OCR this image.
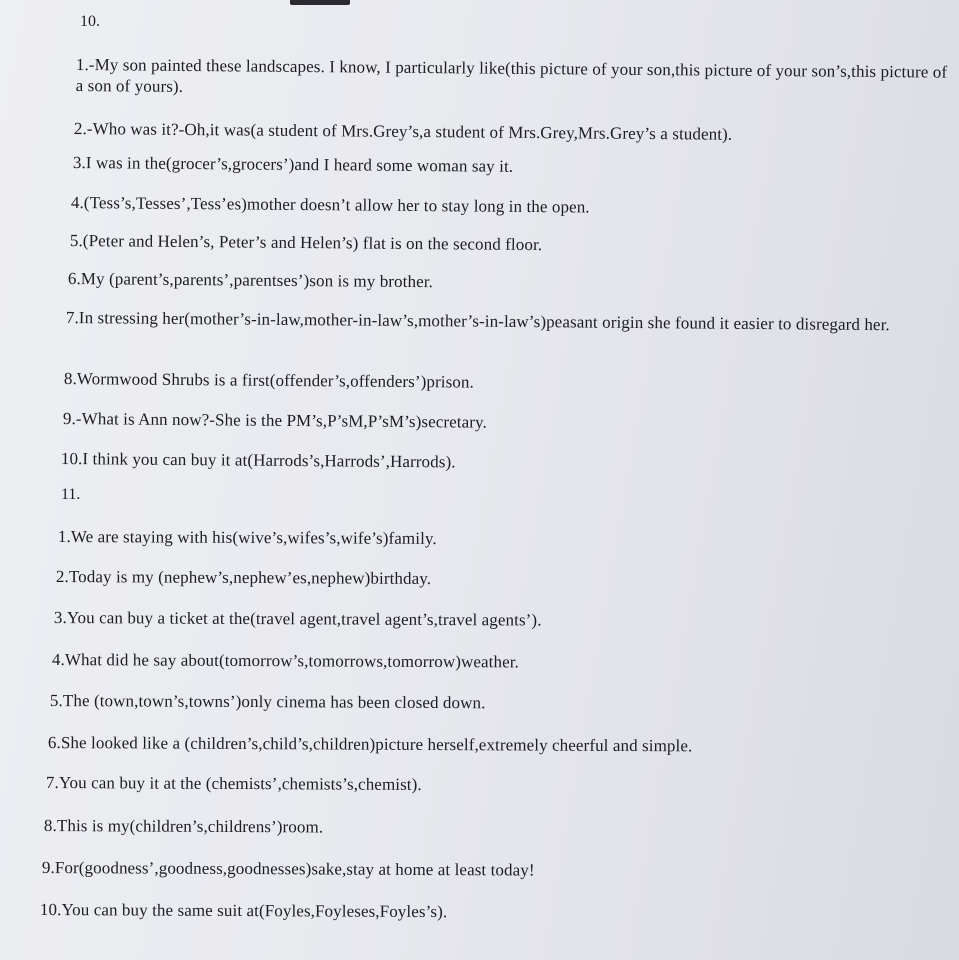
10.
1.-My son painted these landscapes. I know, I particularly like(this picture of your son,this picture of your son’s,this picture of a son of yours).
2.-Who was it?-Oh,it was(a student of Mrs.Grey’s,a student of Mrs.Grey,Mrs.Grey’s a student).
3.I was in the(grocer’s,grocers’)and I heard some woman say it.
4.(Tess’s,Tesses’,Tess’es)mother doesn’t allow her to stay long in the open.
5.(Peter and Helen’s, Peter’s and Helen’s) flat is on the second floor.
6.My (parent’s,parents’,parentses’)son is my brother.
7.In stressing her(mother’s-in-law,mother-in-law’s,mother’s-in-law’s)peasant origin she found it easier to disregard her.
8.Wormwood Shrubs is a first(offender’s,offenders’)prison.
9.-What is Ann now?-She is the PM’s,P’sM,P’sM’s)secretary.
10.I think you can buy it at(Harrods’s,Harrods’,Harrods).
11.
1.We are staying with his(wive’s,wifes’s,wife’s)family.
2.Today is my (nephew’s,nephew’es,nephew)birthday.
3.You can buy a ticket at the(travel agent,travel agent’s,travel agents’).
4.What did he say about(tomorrow’s,tomorrows,tomorrow)weather.
5.The (town,town’s,towns’)only cinema has been closed down.
6.She looked like a (children’s,child’s,children)picture herself,extremely cheerful and simple.
7.You can buy it at the (chemists’,chemists’s,chemist).
8.This is my(children’s,childrens’)room.
9.For(goodness’,goodness,goodnesses)sake,stay at home at least today!
10.You can buy the same suit at(Foyles,Foyleses,Foyles’s).
